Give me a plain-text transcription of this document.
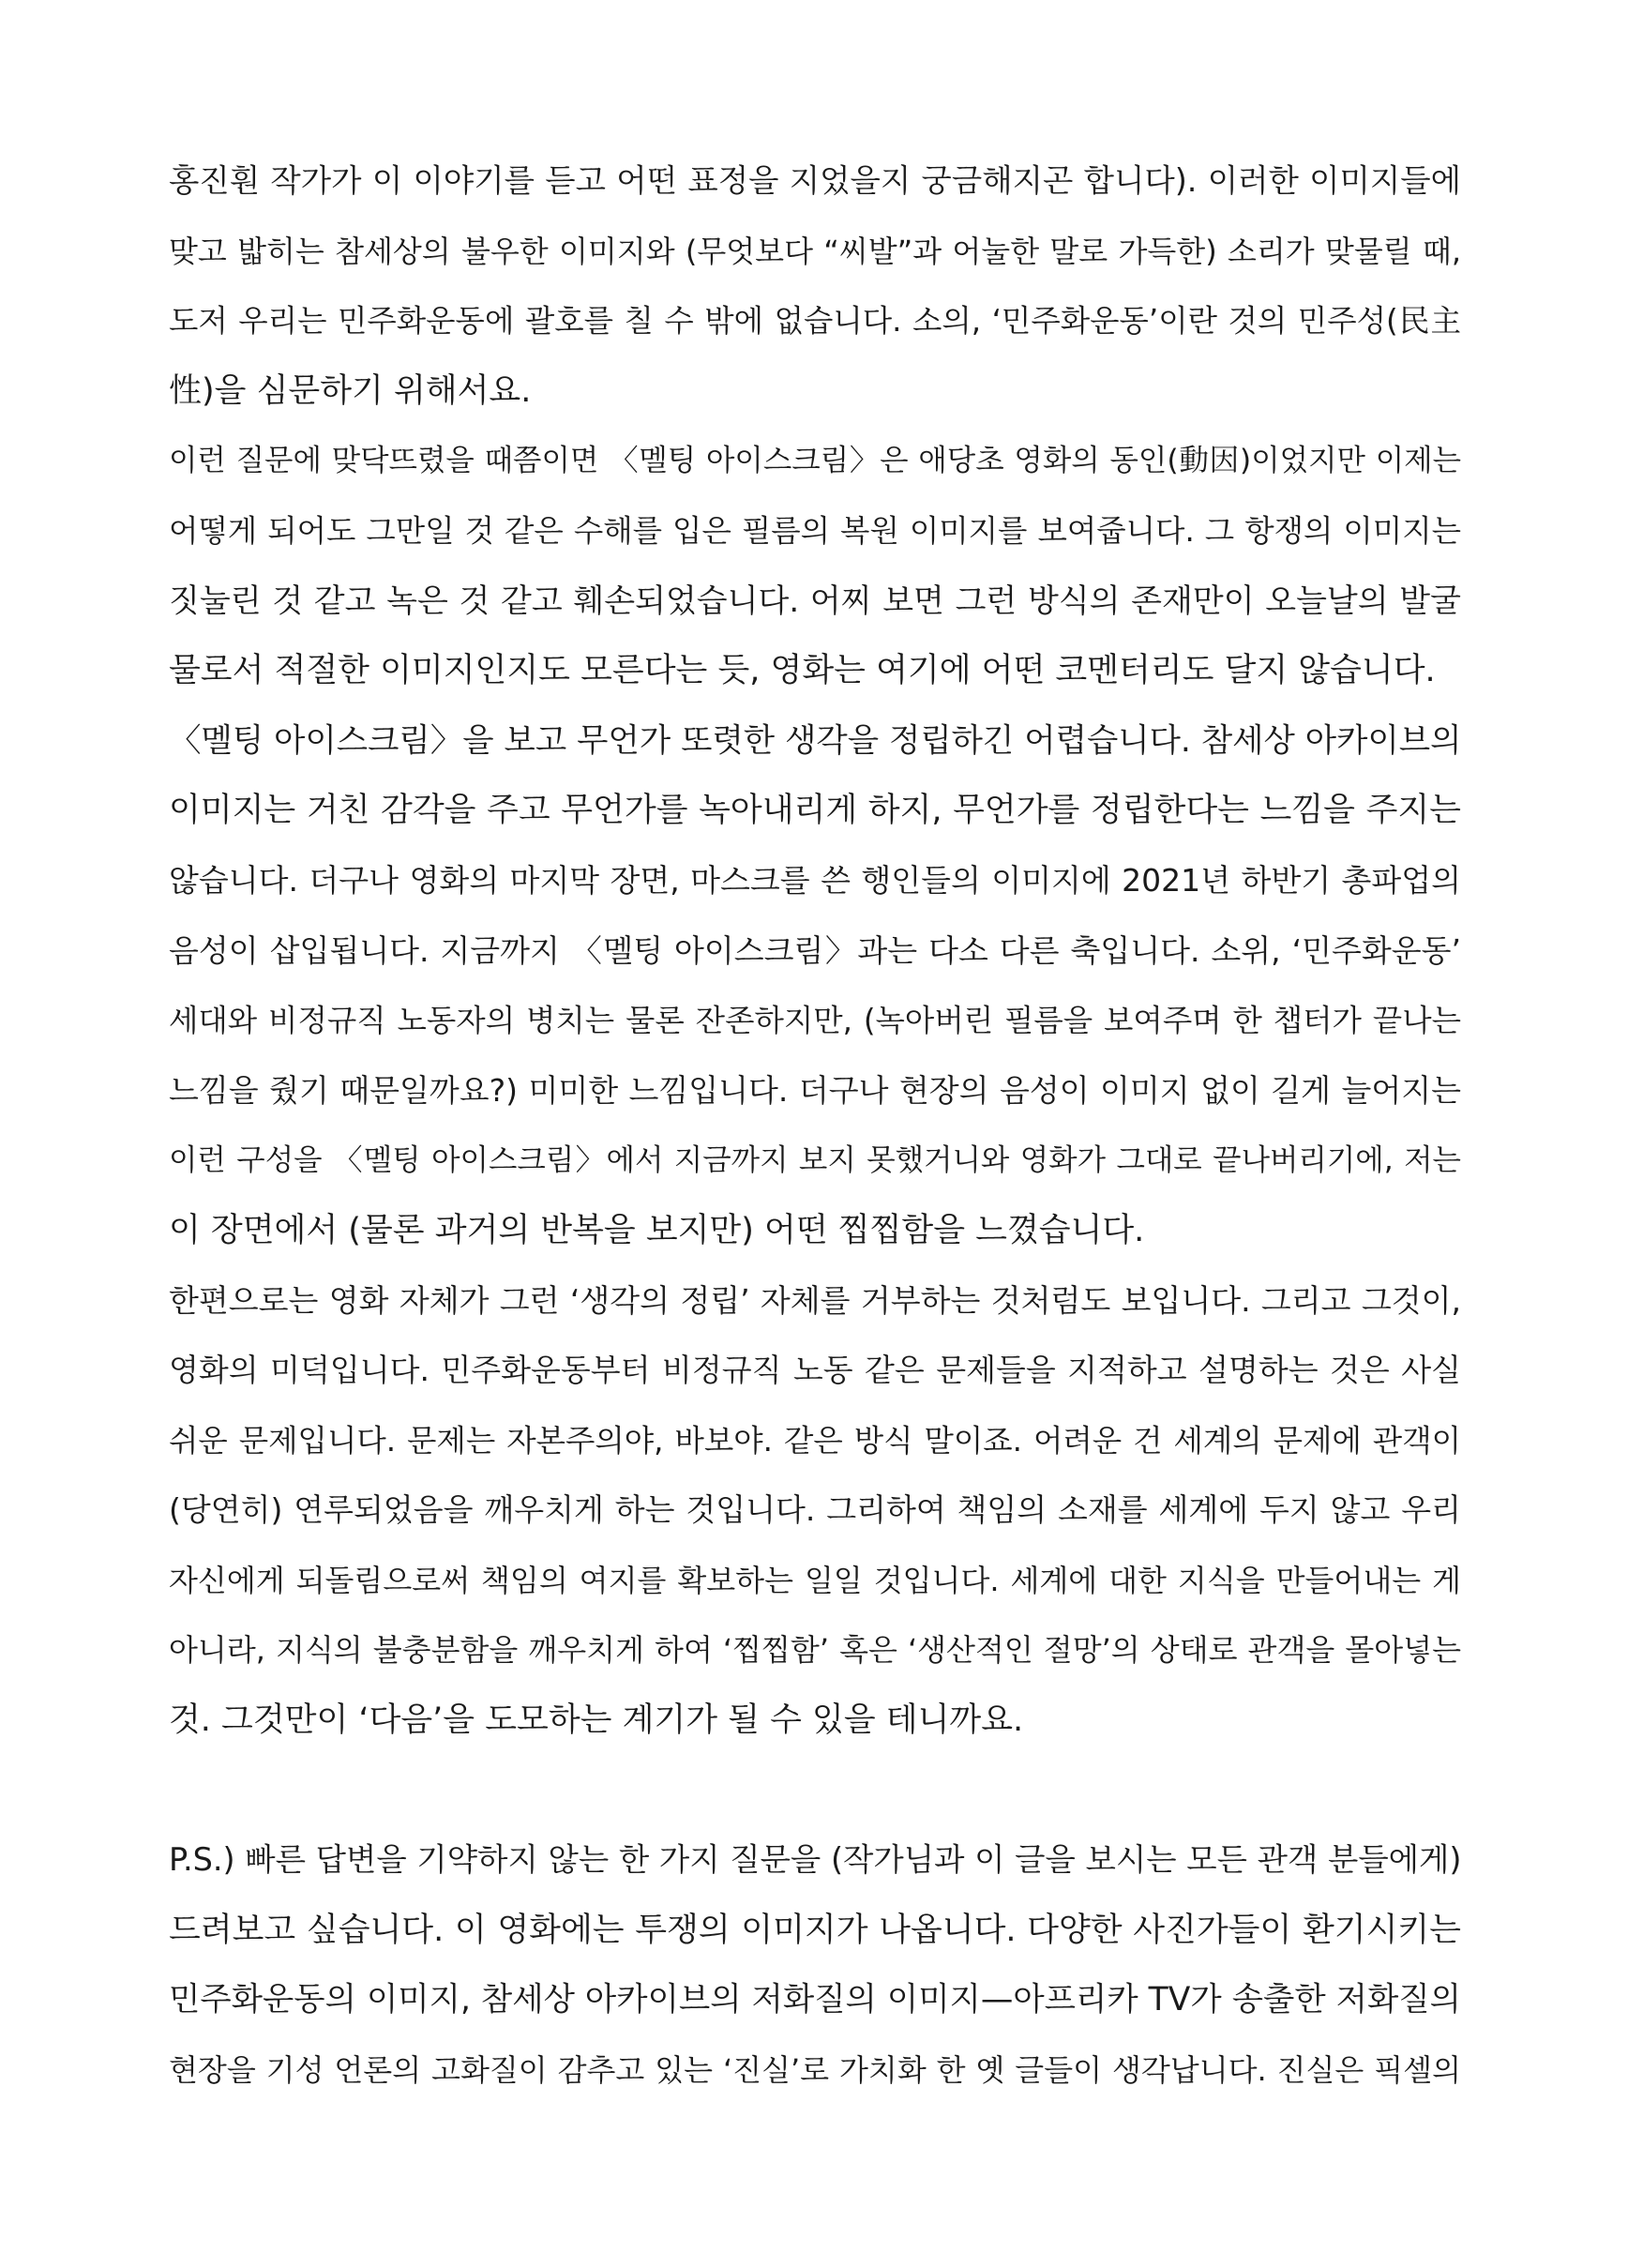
홍진훤 작가가 이 이야기를 듣고 어떤 표정을 지었을지 궁금해지곤 합니다). 이러한 이미지들에
맞고 밟히는 참세상의 불우한 이미지와 (무엇보다 “씨발”과 어눌한 말로 가득한) 소리가 맞물릴 때,
도저 우리는 민주화운동에 괄호를 칠 수 밖에 없습니다. 소의, ‘민주화운동’이란 것의 민주성(民主
性)을 심문하기 위해서요.
이런 질문에 맞닥뜨렸을 때쯤이면 〈멜팅 아이스크림〉은 애당초 영화의 동인(動因)이었지만 이제는
어떻게 되어도 그만일 것 같은 수해를 입은 필름의 복원 이미지를 보여줍니다. 그 항쟁의 이미지는
짓눌린 것 같고 녹은 것 같고 훼손되었습니다. 어찌 보면 그런 방식의 존재만이 오늘날의 발굴
물로서 적절한 이미지인지도 모른다는 듯, 영화는 여기에 어떤 코멘터리도 달지 않습니다.
〈멜팅 아이스크림〉을 보고 무언가 또렷한 생각을 정립하긴 어렵습니다. 참세상 아카이브의
이미지는 거친 감각을 주고 무언가를 녹아내리게 하지, 무언가를 정립한다는 느낌을 주지는
않습니다. 더구나 영화의 마지막 장면, 마스크를 쓴 행인들의 이미지에 2021년 하반기 총파업의
음성이 삽입됩니다. 지금까지 〈멜팅 아이스크림〉과는 다소 다른 축입니다. 소위, ‘민주화운동’
세대와 비정규직 노동자의 병치는 물론 잔존하지만, (녹아버린 필름을 보여주며 한 챕터가 끝나는
느낌을 줬기 때문일까요?) 미미한 느낌입니다. 더구나 현장의 음성이 이미지 없이 길게 늘어지는
이런 구성을 〈멜팅 아이스크림〉에서 지금까지 보지 못했거니와 영화가 그대로 끝나버리기에, 저는
이 장면에서 (물론 과거의 반복을 보지만) 어떤 찝찝함을 느꼈습니다.
한편으로는 영화 자체가 그런 ‘생각의 정립’ 자체를 거부하는 것처럼도 보입니다. 그리고 그것이,
영화의 미덕입니다. 민주화운동부터 비정규직 노동 같은 문제들을 지적하고 설명하는 것은 사실
쉬운 문제입니다. 문제는 자본주의야, 바보야. 같은 방식 말이죠. 어려운 건 세계의 문제에 관객이
(당연히) 연루되었음을 깨우치게 하는 것입니다. 그리하여 책임의 소재를 세계에 두지 않고 우리
자신에게 되돌림으로써 책임의 여지를 확보하는 일일 것입니다. 세계에 대한 지식을 만들어내는 게
아니라, 지식의 불충분함을 깨우치게 하여 ‘찝찝함’ 혹은 ‘생산적인 절망’의 상태로 관객을 몰아넣는
것. 그것만이 ‘다음’을 도모하는 계기가 될 수 있을 테니까요.
P.S.) 빠른 답변을 기약하지 않는 한 가지 질문을 (작가님과 이 글을 보시는 모든 관객 분들에게)
드려보고 싶습니다. 이 영화에는 투쟁의 이미지가 나옵니다. 다양한 사진가들이 환기시키는
민주화운동의 이미지, 참세상 아카이브의 저화질의 이미지—아프리카 TV가 송출한 저화질의
현장을 기성 언론의 고화질이 감추고 있는 ‘진실’로 가치화 한 옛 글들이 생각납니다. 진실은 픽셀의
